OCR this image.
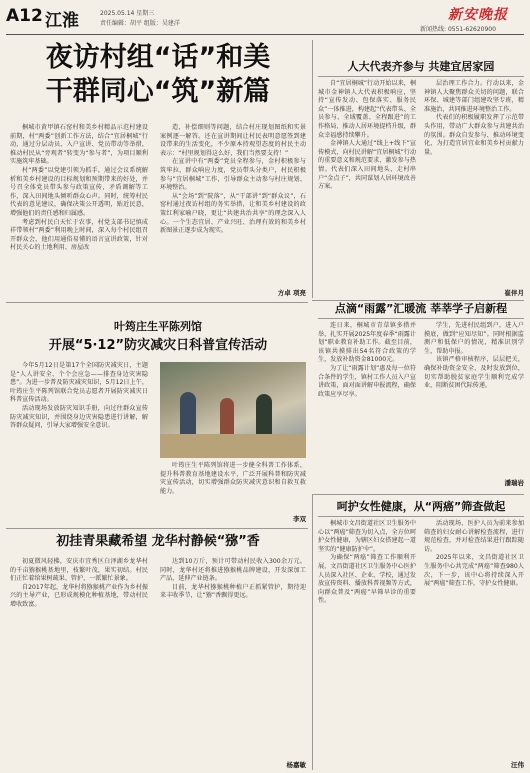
A12 江淮	2025.05.14 星期三
责任编辑：胡平 组版：吴建洋
新安晚报
新闻热线: 0551-62620900
夜访村组“话”和美
干群同心“筑”新篇

桐城市黄甲镇石窑村和美乡村精品示范村建设前期，村“两委”创新工作方法，结合“宜居桐城”行动，通过分层动员、入户宣讲、党员带动等举措，推动村民从“旁观者”转变为“参与者”，为项目顺利实施筑牢基础。

村“两委”以党建引领为抓手，通过会议系统解析和美乡村建设的目标规划和预期带来的好处，并号召全体党员带头参与政策宣传，矛盾调解等工作，深入田间地头倾听群众心声。同时，统筹村民代表的意见建议，确保决策公开透明，贴近民意，增强他们的责任感和归属感。

考虑到村民白天忙于农事，村党支部书记慎成祥带领村“两委”利用晚上时间，深入每个村民组召开群众会，他们用通俗易懂的语言宣讲政策，针对村民关心的土地利用、房屋改

造、补偿细则等问题，结合村庄现划图纸和实景案例逐一解答。还在宣讲期间让村民表明意愿签到建设带来的生活变化，不少原本持观望态度的村民主动表示：“村里规划得这么好，我们当然要支持！”

在宣讲中有“两委”党员全程参与，金村积极参与筑牢拉，群众响应力度，党员带头分类户，村民积极参与“宜居桐城”工作，引导群众主动参与村庄规划、环境整治。

从“会场”到“院落”，从“干部讲”到“群众议”，石窑村通过夜访村组的务实举措，让和美乡村建设的政策红利家喻户晓，更让“共建共治共享”的理念深入人心。一个生态宜居、产业兴旺、治理有效的和美乡村新图景正逐步成为现实。

方卓 项亮
人大代表齐参与 共建宜居家园

自“宜居桐城”行动开始以来，桐城市金神镇人大代表积极响应，坚持“宣传发动、包保落实、服务民众”一体推进，构建起“代表带头、全员参与、全域覆盖、全程跟进”的工作格局，推动人居环境提档升级，群众幸福感持续攀升。

金神镇人大通过“线上+线下”宣传模式，向村民讲解“宜居桐城”行动的重要意义和规范要求，激发参与热情。代表们深入田间地头、走村串户“金点子”，共同谋划人居环境改善方案。

层治理工作合力。行动以来，金神镇人大聚焦群众关切的问题，联合环保、城建等部门组建攻坚专班，精准施治，共同推进环境整治工作。

代表们的积极履职发挥了示范带头作用，带动广大群众参与共建共治的氛围。群众自发参与、推动环境变化，为打造宜居宜业和美乡村贡献力量。

崔伴月
点滴“雨露”汇暖流 莘莘学子启新程

连日来，桐城市青草镇多措并举，扎实开展2025年度春季“雨露计划”职业教育补助工作。截至目前，该镇共摸排出54名符合政策的学生，发放补助资金81000元。

为了让“雨露计划”惠及每一位符合条件的学生，镇村工作人员入户宣讲政策，面对面讲解申报流程，确保政策应享尽享。

学生，先进村民组到户，进入户摸底，做到“应知尽知”。同时根据监测户和低保户的情况，精准识别学生，帮助申报。

该镇严格审核程序，层层把关，确保补助资金安全、及时发放到位，切实帮助脱贫家庭学生顺利完成学业，阻断贫困代际传递。

潘瑞岩
叶筠庄生平陈列馆
开展“5·12”防灾减灾日科普宣传活动

今年5月12日是第17个全国防灾减灾日，主题是“人人讲安全、个个会应急——排查身边灾害隐患”。为进一步普及防灾减灾知识，5月12日上午，叶筠庄生平陈列馆联合党员志愿者开展防灾减灾日科普宣传活动。

活动现场发放防灾知识手册，向过往群众宣传防灾减灾知识，并围绕身边灾害隐患进行讲解，解答群众疑问，引导大家增强安全意识。

叶筠庄生平陈列馆将进一步健全科普工作体系，提升科普教育基地建设水平，广泛开展科普和防灾减灾宣传活动，切实增强群众防灾减灾意识和自救互救能力。

李双
初挂青果藏希望 龙华村静候“猕”香

初夏微风轻拂，安庆市宜秀区白泽湖乡龙华村的千亩猕猴桃基地里，枝繁叶茂，果实初结。村民们正忙着给果树疏果、管护，一派繁忙景象。

自2017年起，龙华村将猕猴桃产业作为乡村振兴的主导产业，已形成规模化种植基地，带动村民增收致富。

达到10万斤，预计可带动村民收入300余万元。同时，龙华村还将推进猕猴桃品牌建设，开发深加工产品，延伸产业链条。

目前，龙华村猕猴桃种植户正抓紧管护，期待迎来丰收季节，让“猕”香飘得更远。

杨嘉敏
呵护女性健康，从“两癌”筛查做起

桐城市文昌街道社区卫生服务中心以“两癌”筛查为切入点，全方位呵护女性健康，为辖区妇女搭建起一道坚实的“健康防护伞”。

为确保“两癌”筛查工作顺利开展，文昌街道社区卫生服务中心医护人员深入社区、企业、学校，通过发放宣传资料、播放科普视频等方式，向群众普及“两癌”早筛早诊的重要性。

活动现场，医护人员为前来参加筛查的妇女耐心讲解检查流程，进行规范检查，并对检查结果进行跟踪随访。

2025年以来，文昌街道社区卫生服务中心共完成“两癌”筛查980人次，下一步，该中心将持续深入开展“两癌”筛查工作，守护女性健康。

汪伟
